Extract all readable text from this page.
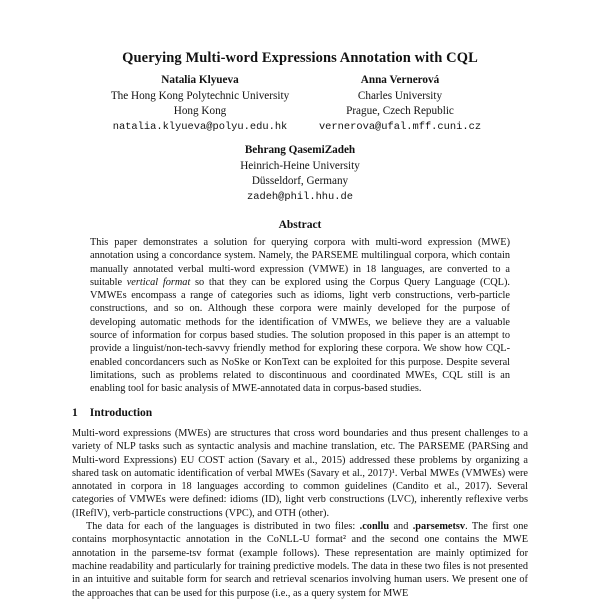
Querying Multi-word Expressions Annotation with CQL
Natalia Klyueva
The Hong Kong Polytechnic University
Hong Kong
natalia.klyueva@polyu.edu.hk
Anna Vernerová
Charles University
Prague, Czech Republic
vernerova@ufal.mff.cuni.cz
Behrang QasemiZadeh
Heinrich-Heine University
Düsseldorf, Germany
zadeh@phil.hhu.de
Abstract

This paper demonstrates a solution for querying corpora with multi-word expression (MWE) annotation using a concordance system. Namely, the PARSEME multilingual corpora, which contain manually annotated verbal multi-word expression (VMWE) in 18 languages, are converted to a suitable vertical format so that they can be explored using the Corpus Query Language (CQL). VMWEs encompass a range of categories such as idioms, light verb constructions, verb-particle constructions, and so on. Although these corpora were mainly developed for the purpose of developing automatic methods for the identification of VMWEs, we believe they are a valuable source of information for corpus based studies. The solution proposed in this paper is an attempt to provide a linguist/non-tech-savvy friendly method for exploring these corpora. We show how CQL-enabled concordancers such as NoSke or KonText can be exploited for this purpose. Despite several limitations, such as problems related to discontinuous and coordinated MWEs, CQL still is an enabling tool for basic analysis of MWE-annotated data in corpus-based studies.

1 Introduction

Multi-word expressions (MWEs) are structures that cross word boundaries and thus present challenges to a variety of NLP tasks such as syntactic analysis and machine translation, etc. The PARSEME (PARSing and Multi-word Expressions) EU COST action (Savary et al., 2015) addressed these problems by organizing a shared task on automatic identification of verbal MWEs (Savary et al., 2017)¹. Verbal MWEs (VMWEs) were annotated in corpora in 18 languages according to common guidelines (Candito et al., 2017). Several categories of VMWEs were defined: idioms (ID), light verb constructions (LVC), inherently reflexive verbs (IReflV), verb-particle constructions (VPC), and OTH (other).

The data for each of the languages is distributed in two files: .conllu and .parsemetsv. The first one contains morphosyntactic annotation in the CoNLL-U format² and the second one contains the MWE annotation in the parseme-tsv format (example follows). These representation are mainly optimized for machine readability and particularly for training predictive models. The data in these two files is not presented in an intuitive and suitable form for search and retrieval scenarios involving human users. We present one of the approaches that can be used for this purpose (i.e., as a query system for MWE
